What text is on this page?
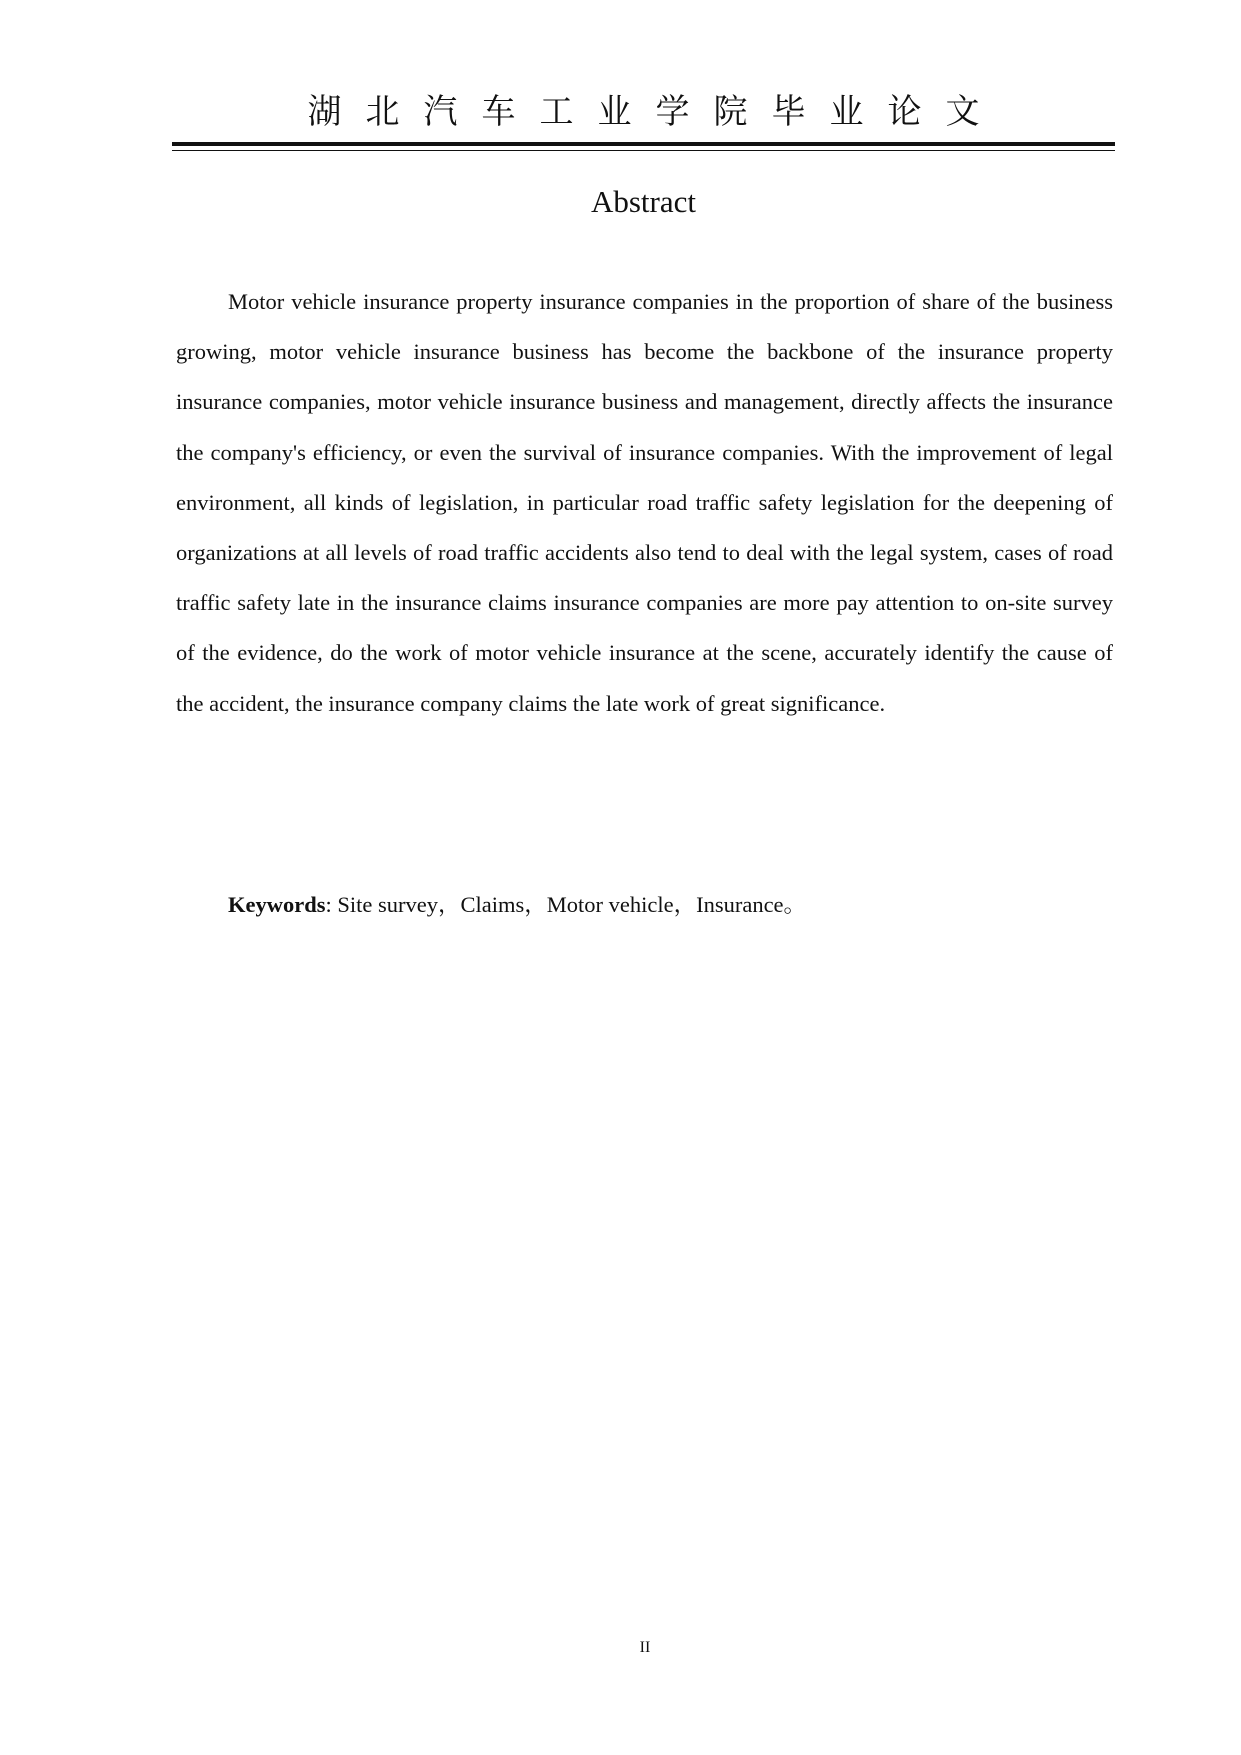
湖北汽车工业学院毕业论文
Abstract

Motor vehicle insurance property insurance companies in the proportion of share of the business growing, motor vehicle insurance business has become the backbone of the insurance property insurance companies, motor vehicle insurance business and management, directly affects the insurance the company's efficiency, or even the survival of insurance companies. With the improvement of legal environment, all kinds of legislation, in particular road traffic safety legislation for the deepening of organizations at all levels of road traffic accidents also tend to deal with the legal system, cases of road traffic safety late in the insurance claims insurance companies are more pay attention to on-site survey of the evidence, do the work of motor vehicle insurance at the scene, accurately identify the cause of the accident, the insurance company claims the late work of great significance.

Keywords: Site survey，Claims，Motor vehicle，Insurance。

II
